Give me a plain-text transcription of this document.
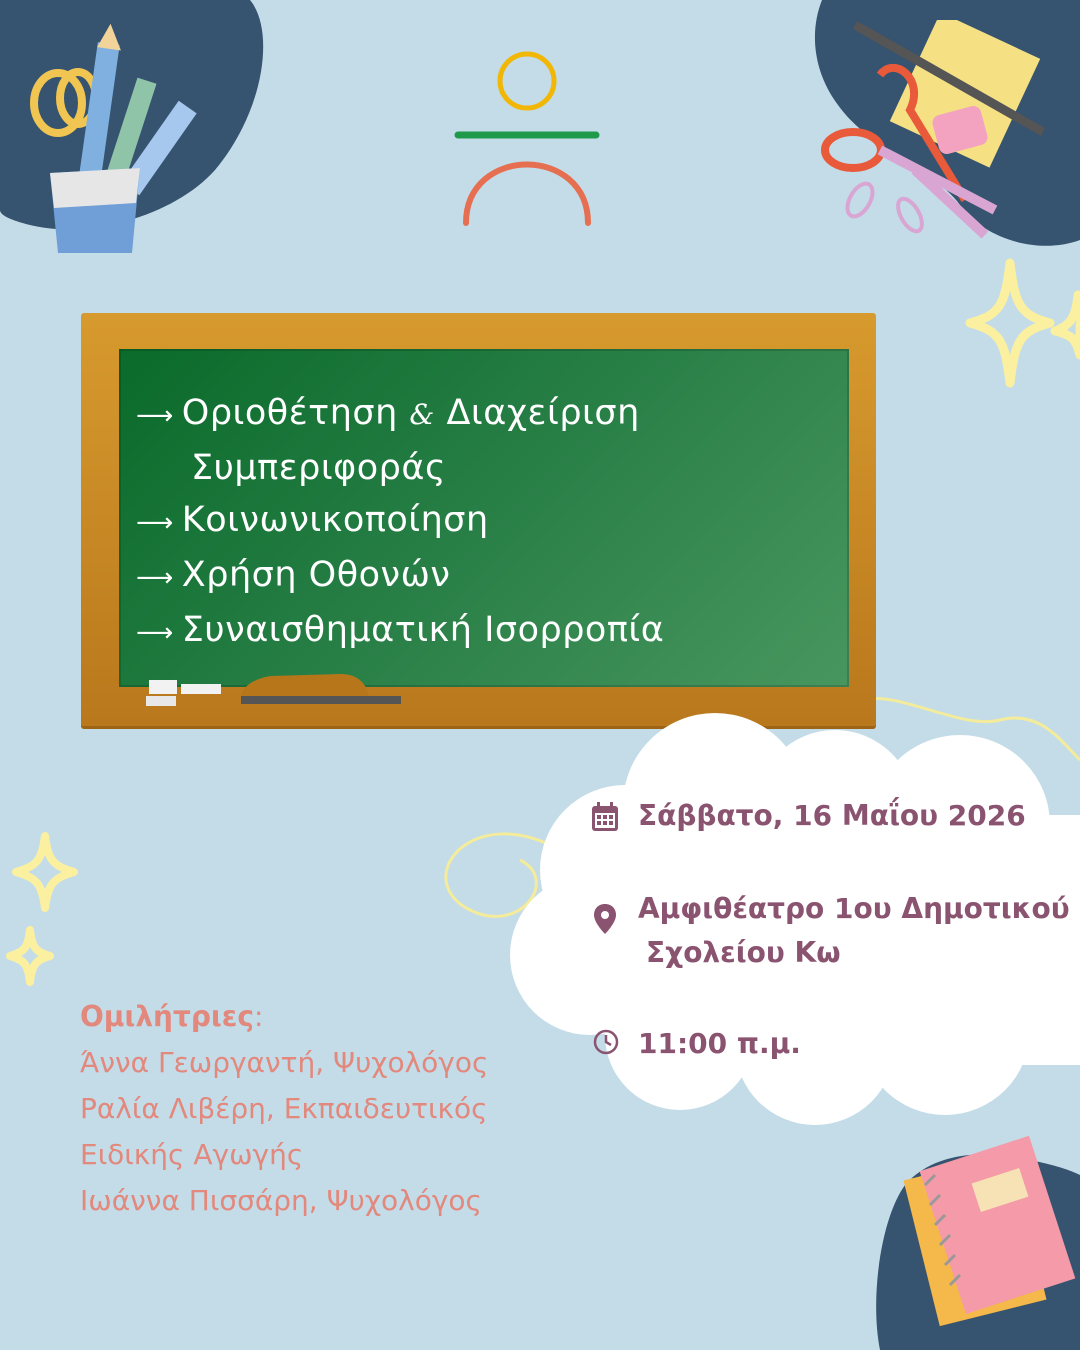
⟶ Οριοθέτηση & Διαχείριση
Συμπεριφοράς
⟶ Κοινωνικοποίηση
⟶ Χρήση Οθονών
⟶ Συναισθηματική Ισορροπία
Σάββατο, 16 Μαΐου 2026
Αμφιθέατρο 1ου Δημοτικού
Σχολείου Κω
11:00 π.μ.
Ομιλήτριες:
Άννα Γεωργαντή, Ψυχολόγος
Ραλία Λιβέρη, Εκπαιδευτικός
Ειδικής Αγωγής
Ιωάννα Πισσάρη, Ψυχολόγος
